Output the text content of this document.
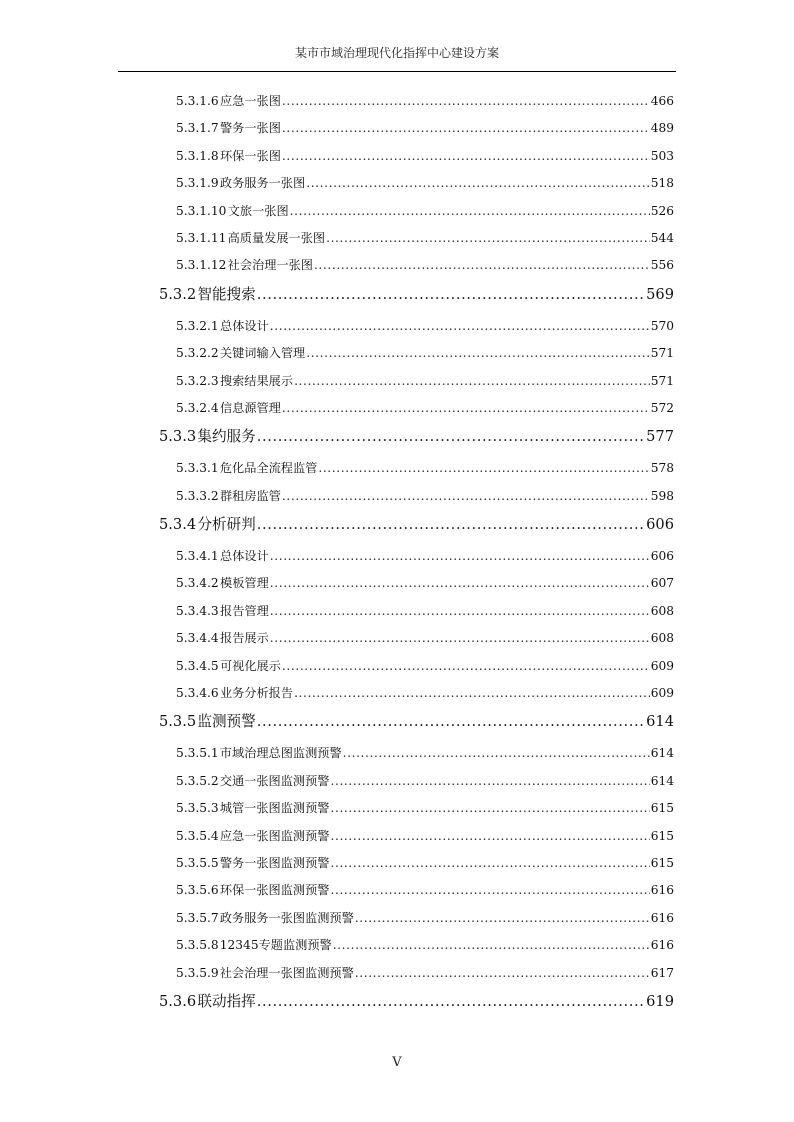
某市市域治理现代化指挥中心建设方案
5.3.1.6 应急一张图 .....	466
5.3.1.7 警务一张图 .....	489
5.3.1.8 环保一张图 .....	503
5.3.1.9 政务服务一张图 .....	518
5.3.1.10 文旅一张图 .....	526
5.3.1.11 高质量发展一张图 .....	544
5.3.1.12 社会治理一张图 .....	556
5.3.2 智能搜索 .....	569
5.3.2.1 总体设计 .....	570
5.3.2.2 关键词输入管理 .....	571
5.3.2.3 搜索结果展示 .....	571
5.3.2.4 信息源管理 .....	572
5.3.3 集约服务 .....	577
5.3.3.1 危化品全流程监管 .....	578
5.3.3.2 群租房监管 .....	598
5.3.4 分析研判 .....	606
5.3.4.1 总体设计 .....	606
5.3.4.2 模板管理 .....	607
5.3.4.3 报告管理 .....	608
5.3.4.4 报告展示 .....	608
5.3.4.5 可视化展示 .....	609
5.3.4.6 业务分析报告 .....	609
5.3.5 监测预警 .....	614
5.3.5.1 市域治理总图监测预警 .....	614
5.3.5.2 交通一张图监测预警 .....	614
5.3.5.3 城管一张图监测预警 .....	615
5.3.5.4 应急一张图监测预警 .....	615
5.3.5.5 警务一张图监测预警 .....	615
5.3.5.6 环保一张图监测预警 .....	616
5.3.5.7 政务服务一张图监测预警 .....	616
5.3.5.8 12345专题监测预警 .....	616
5.3.5.9 社会治理一张图监测预警 .....	617
5.3.6 联动指挥 .....	619
V
